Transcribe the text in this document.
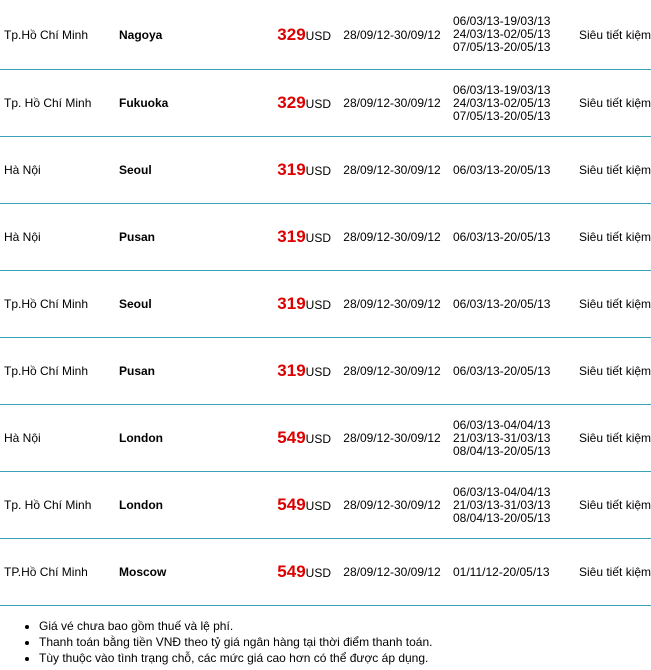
Tp.Hồ Chí Minh	Nagoya	329USD	28/09/12-30/09/12	06/03/13-19/03/13
24/03/13-02/05/13
07/05/13-20/05/13	Siêu tiết kiệm
Tp. Hồ Chí Minh	Fukuoka	329USD	28/09/12-30/09/12	06/03/13-19/03/13
24/03/13-02/05/13
07/05/13-20/05/13	Siêu tiết kiệm
Hà Nội	Seoul	319USD	28/09/12-30/09/12	06/03/13-20/05/13	Siêu tiết kiệm
Hà Nội	Pusan	319USD	28/09/12-30/09/12	06/03/13-20/05/13	Siêu tiết kiệm
Tp.Hồ Chí Minh	Seoul	319USD	28/09/12-30/09/12	06/03/13-20/05/13	Siêu tiết kiệm
Tp.Hồ Chí Minh	Pusan	319USD	28/09/12-30/09/12	06/03/13-20/05/13	Siêu tiết kiệm
Hà Nội	London	549USD	28/09/12-30/09/12	06/03/13-04/04/13
21/03/13-31/03/13
08/04/13-20/05/13	Siêu tiết kiệm
Tp. Hồ Chí Minh	London	549USD	28/09/12-30/09/12	06/03/13-04/04/13
21/03/13-31/03/13
08/04/13-20/05/13	Siêu tiết kiệm
TP.Hồ Chí Minh	Moscow	549USD	28/09/12-30/09/12	01/11/12-20/05/13	Siêu tiết kiệm
• Giá vé chưa bao gồm thuế và lệ phí.
• Thanh toán bằng tiền VNĐ theo tỷ giá ngân hàng tại thời điểm thanh toán.
• Tùy thuộc vào tình trạng chỗ, các mức giá cao hơn có thể được áp dụng.
